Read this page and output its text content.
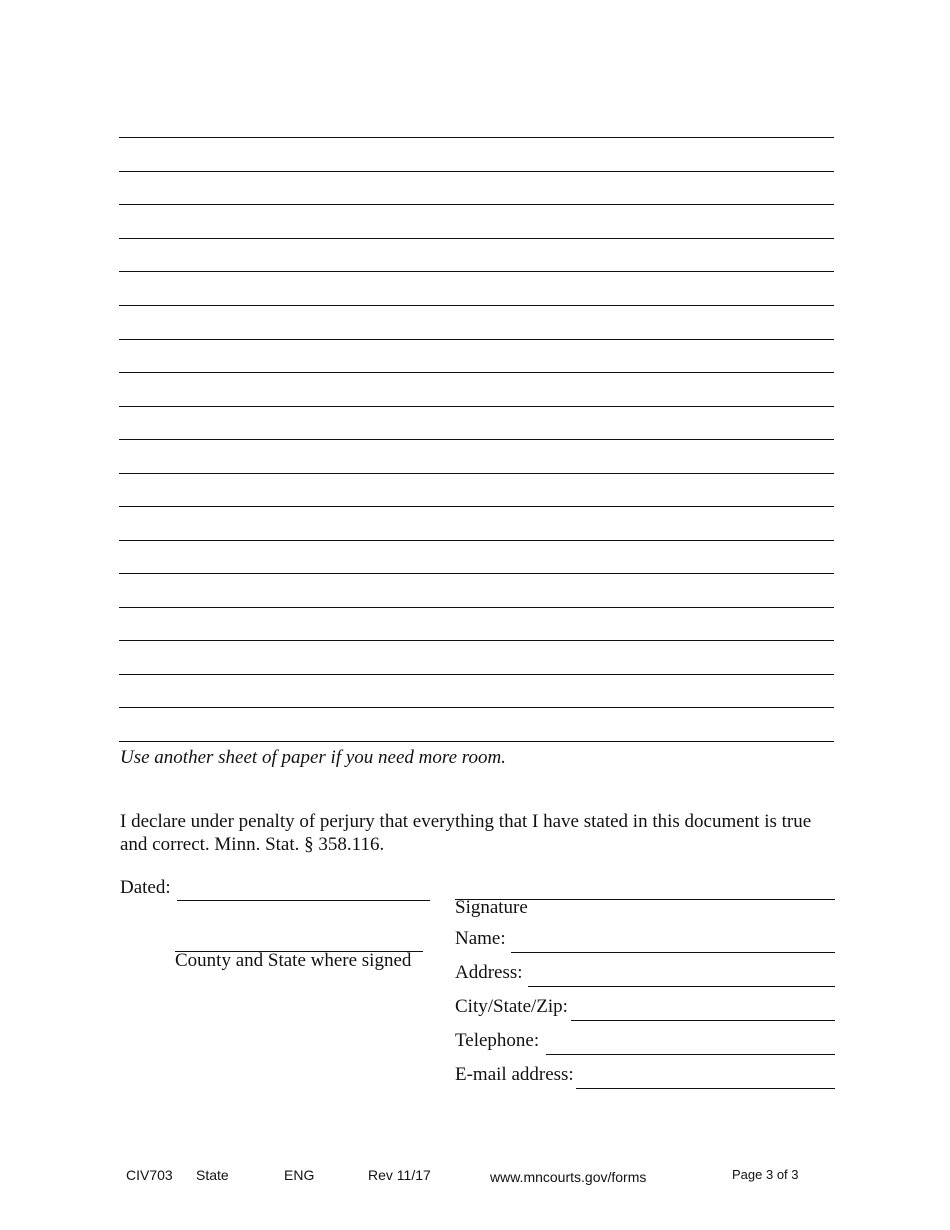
Use another sheet of paper if you need more room.
I declare under penalty of perjury that everything that I have stated in this document is true and correct. Minn. Stat. § 358.116.
Dated:
County and State where signed
Signature
Name:
Address:
City/State/Zip:
Telephone:
E-mail address:
CIV703 State	ENG	Rev 11/17	www.mncourts.gov/forms	Page 3 of 3
